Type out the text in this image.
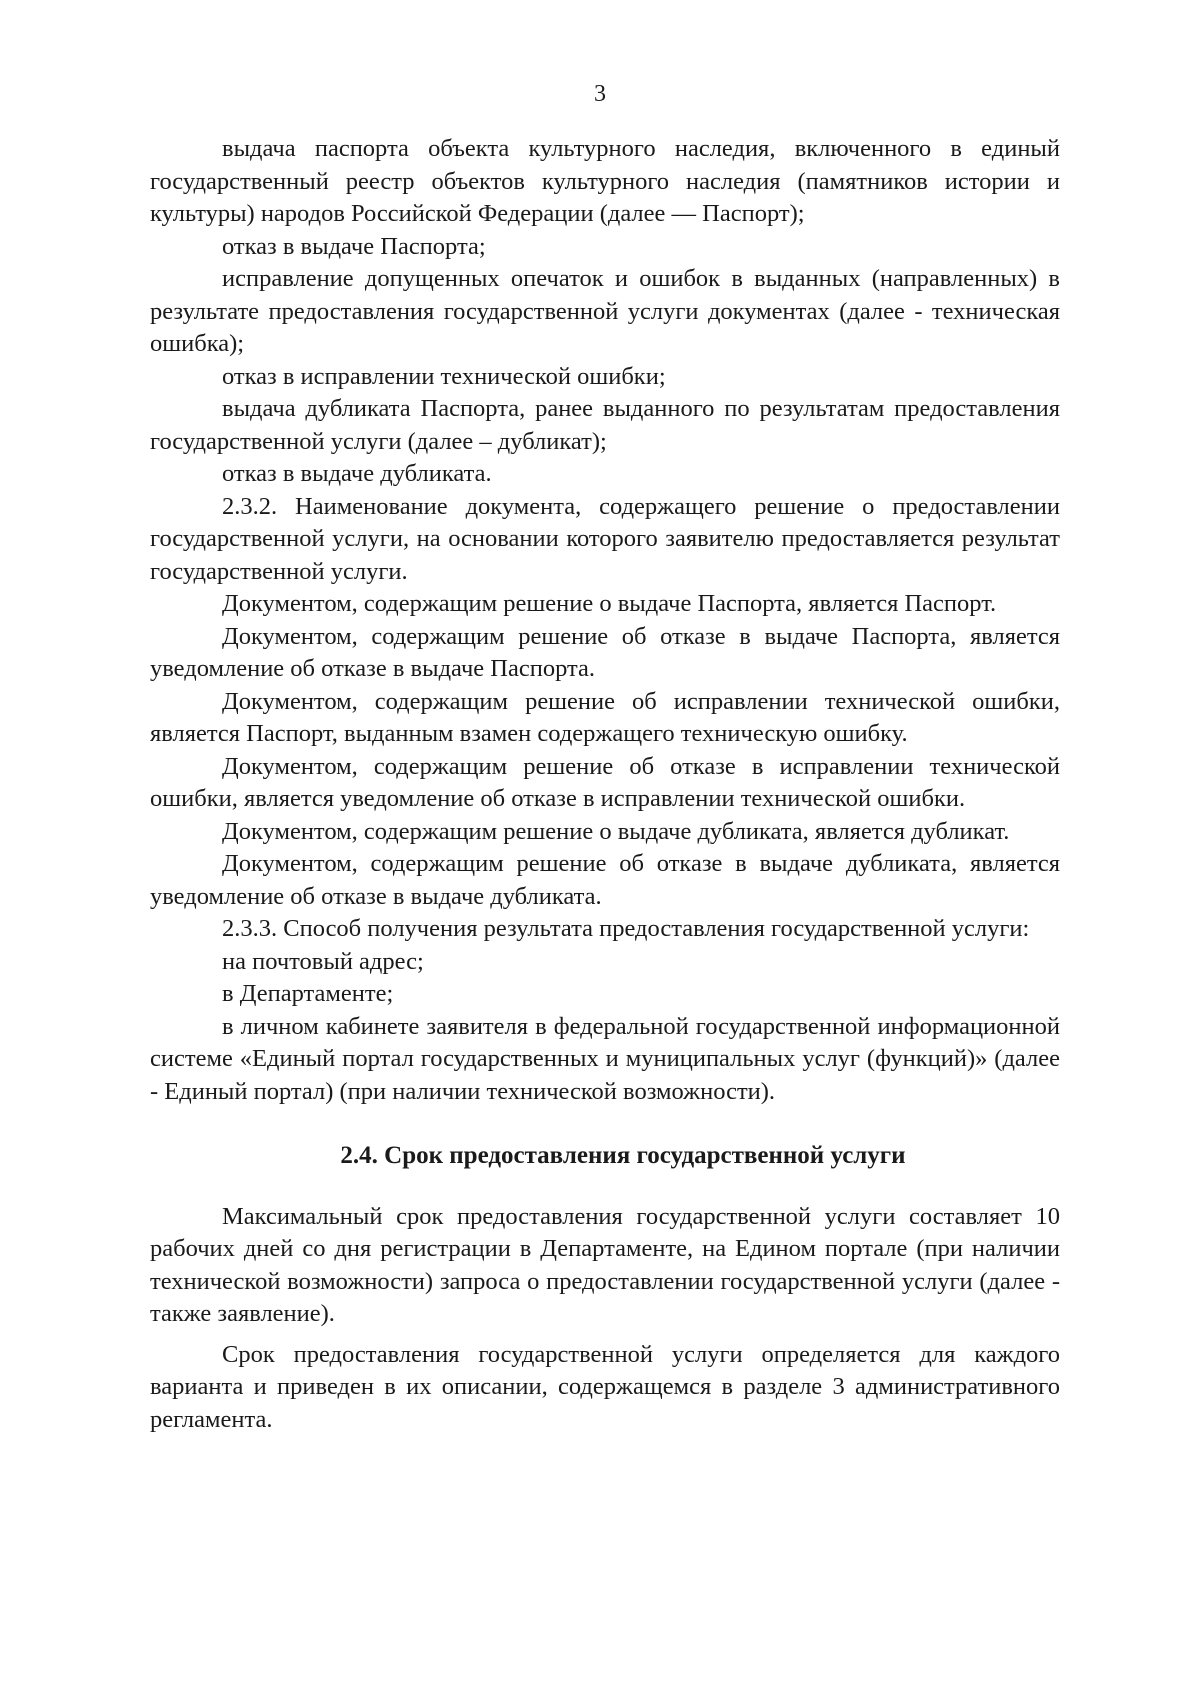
3

выдача паспорта объекта культурного наследия, включенного в единый государственный реестр объектов культурного наследия (памятников истории и культуры) народов Российской Федерации (далее — Паспорт);

отказ в выдаче Паспорта;

исправление допущенных опечаток и ошибок в выданных (направленных) в результате предоставления государственной услуги документах (далее - техническая ошибка);

отказ в исправлении технической ошибки;

выдача дубликата Паспорта, ранее выданного по результатам предоставления государственной услуги (далее – дубликат);

отказ в выдаче дубликата.

2.3.2. Наименование документа, содержащего решение о предоставлении государственной услуги, на основании которого заявителю предоставляется результат государственной услуги.

Документом, содержащим решение о выдаче Паспорта, является Паспорт.

Документом, содержащим решение об отказе в выдаче Паспорта, является уведомление об отказе в выдаче Паспорта.

Документом, содержащим решение об исправлении технической ошибки, является Паспорт, выданным взамен содержащего техническую ошибку.

Документом, содержащим решение об отказе в исправлении технической ошибки, является уведомление об отказе в исправлении технической ошибки.

Документом, содержащим решение о выдаче дубликата, является дубликат.

Документом, содержащим решение об отказе в выдаче дубликата, является уведомление об отказе в выдаче дубликата.

2.3.3. Способ получения результата предоставления государственной услуги:

на почтовый адрес;

в Департаменте;

в личном кабинете заявителя в федеральной государственной информационной системе «Единый портал государственных и муниципальных услуг (функций)» (далее - Единый портал) (при наличии технической возможности).

2.4. Срок предоставления государственной услуги

Максимальный срок предоставления государственной услуги составляет 10 рабочих дней со дня регистрации в Департаменте, на Едином портале (при наличии технической возможности) запроса о предоставлении государственной услуги (далее - также заявление).

Срок предоставления государственной услуги определяется для каждого варианта и приведен в их описании, содержащемся в разделе 3 административного регламента.
